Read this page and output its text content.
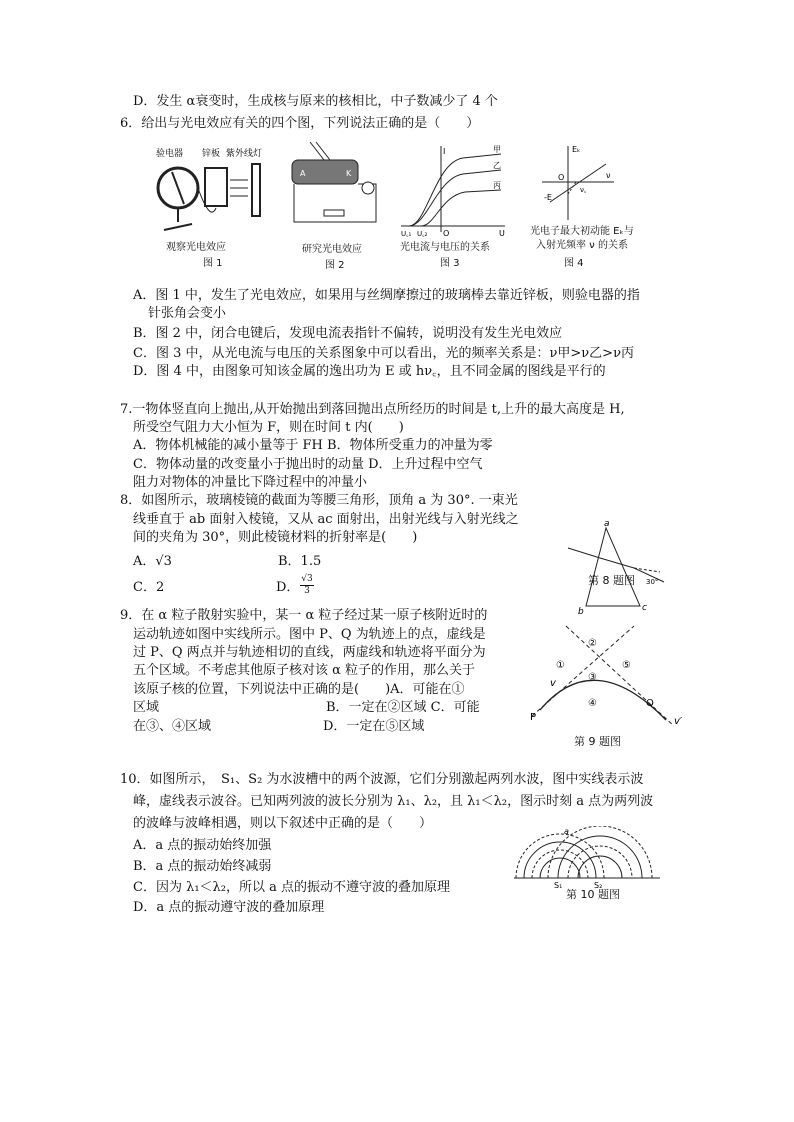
D．发生 α衰变时，生成核与原来的核相比，中子数减少了 4 个
6．给出与光电效应有关的四个图，下列说法正确的是（　　）
验电器 锌板 紫外线灯
观察光电效应
图 1
A	K
研究光电效应
图 2
I
U
O
U꜀₁ U꜀₂
甲
乙
丙
光电流与电压的关系
图 3
Eₖ
ν
O
-E
ν꜀
光电子最大初动能 Eₖ与
入射光频率 ν 的关系
图 4
A．图 1 中，发生了光电效应，如果用与丝绸摩擦过的玻璃棒去靠近锌板，则验电器的指
针张角会变小
B．图 2 中，闭合电键后，发现电流表指针不偏转，说明没有发生光电效应
C．图 3 中，从光电流与电压的关系图象中可以看出，光的频率关系是：ν甲>ν乙>ν丙
D．图 4 中，由图象可知该金属的逸出功为 E 或 hν꜀，且不同金属的图线是平行的
7.一物体竖直向上抛出,从开始抛出到落回抛出点所经历的时间是 t,上升的最大高度是 H,
所受空气阻力大小恒为 F，则在时间 t 内(　　)
A．物体机械能的减小量等于 FH B．物体所受重力的冲量为零
C．物体动量的改变量小于抛出时的动量 D．上升过程中空气
阻力对物体的冲量比下降过程中的冲量小
8．如图所示，玻璃棱镜的截面为等腰三角形，顶角 a 为 30°. 一束光
线垂直于 ab 面射入棱镜，又从 ac 面射出，出射光线与入射光线之
间的夹角为 30°，则此棱镜材料的折射率是(　　)
A．√3	B．1.5
C．2	D． $\frac{√3}{3}$
a
b	c
30°
第 8 题图
9．在 α 粒子散射实验中，某一 α 粒子经过某一原子核附近时的
运动轨迹如图中实线所示。图中 P、Q 为轨迹上的点，虚线是
过 P、Q 两点并与轨迹相切的直线，两虚线和轨迹将平面分为
五个区域。不考虑其他原子核对该 α 粒子的作用，那么关于
该原子核的位置，下列说法中正确的是(　　)A．可能在①
区域	B．一定在②区域 C．可能
在③、④区域	D．一定在⑤区域
②
①	⑤
③
④
P
Q
v
v′
第 9 题图
10．如图所示，　S₁、S₂ 为水波槽中的两个波源，它们分别激起两列水波，图中实线表示波
峰，虚线表示波谷。已知两列波的波长分别为 λ₁、λ₂，且 λ₁＜λ₂，图示时刻 a 点为两列波
的波峰与波峰相遇，则以下叙述中正确的是（　　）
A．a 点的振动始终加强
B．a 点的振动始终减弱
C．因为 λ₁＜λ₂，所以 a 点的振动不遵守波的叠加原理
D．a 点的振动遵守波的叠加原理
a
S₁	S₂
第 10 题图
